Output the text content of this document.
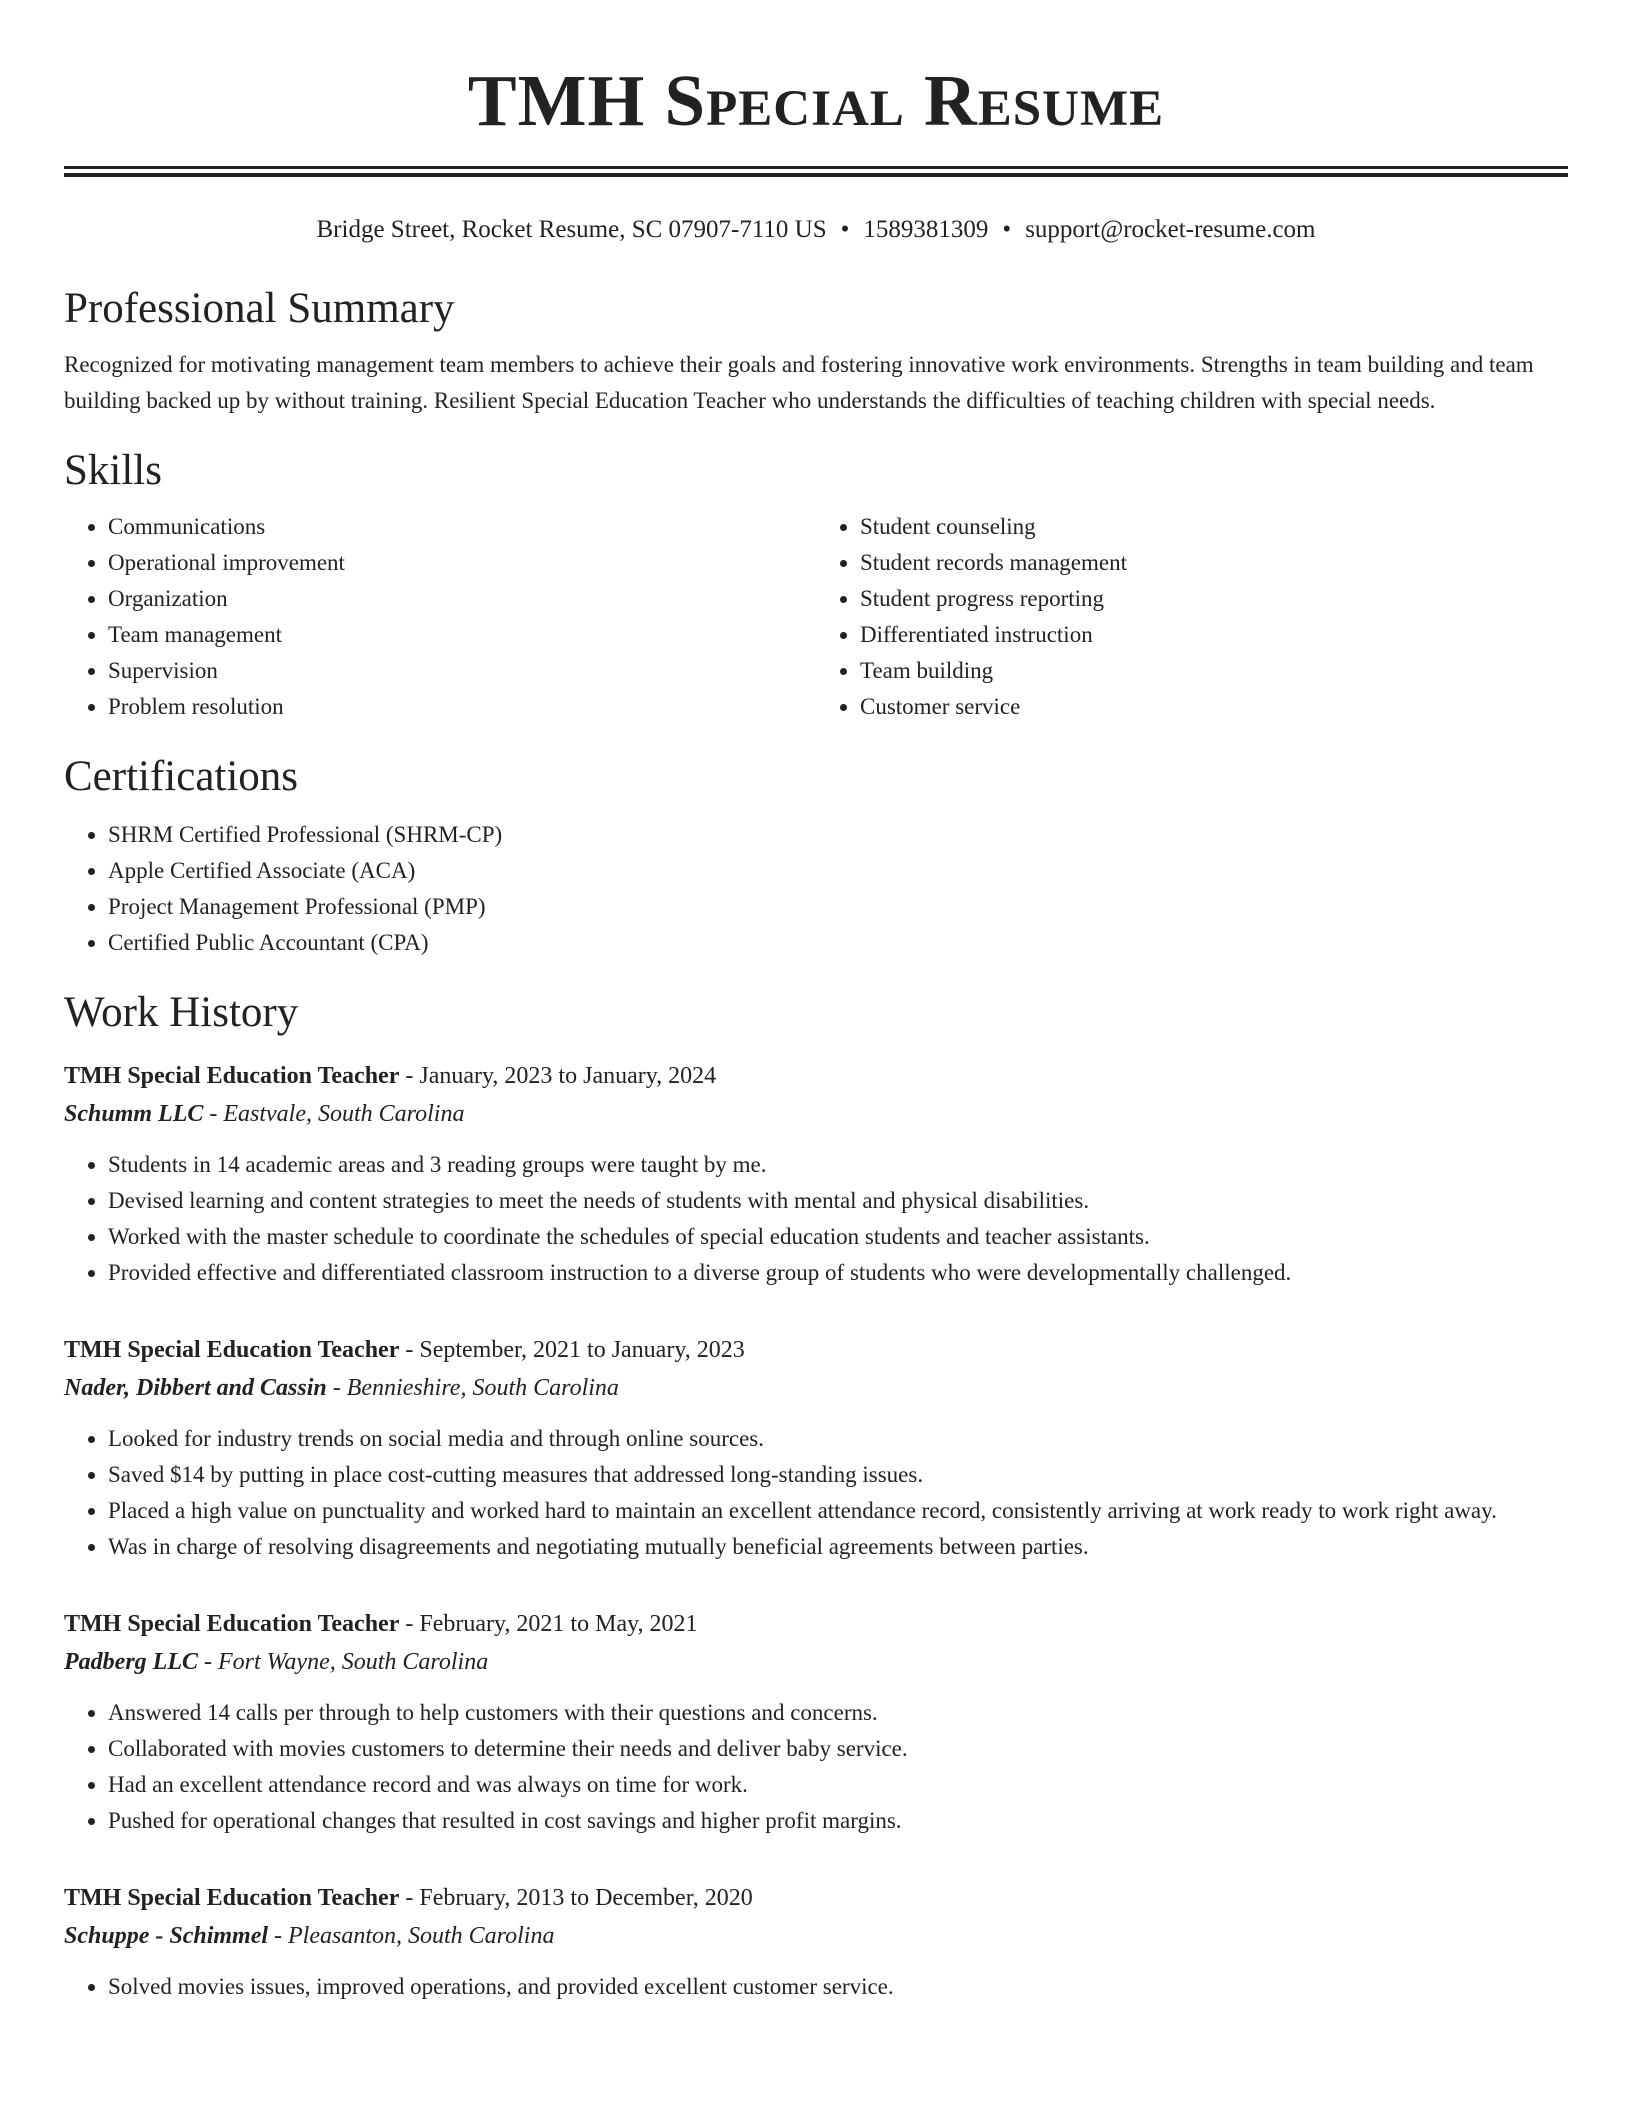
TMH Special Resume
Bridge Street, Rocket Resume, SC 07907-7110 US • 1589381309 • support@rocket-resume.com
Professional Summary

Recognized for motivating management team members to achieve their goals and fostering innovative work environments. Strengths in team building and team building backed up by without training. Resilient Special Education Teacher who understands the difficulties of teaching children with special needs.

Skills
• Communications
• Operational improvement
• Organization
• Team management
• Supervision
• Problem resolution
• Student counseling
• Student records management
• Student progress reporting
• Differentiated instruction
• Team building
• Customer service
Certifications
• SHRM Certified Professional (SHRM-CP)
• Apple Certified Associate (ACA)
• Project Management Professional (PMP)
• Certified Public Accountant (CPA)
Work History
TMH Special Education Teacher - January, 2023 to January, 2024
Schumm LLC - Eastvale, South Carolina
• Students in 14 academic areas and 3 reading groups were taught by me.
• Devised learning and content strategies to meet the needs of students with mental and physical disabilities.
• Worked with the master schedule to coordinate the schedules of special education students and teacher assistants.
• Provided effective and differentiated classroom instruction to a diverse group of students who were developmentally challenged.
TMH Special Education Teacher - September, 2021 to January, 2023
Nader, Dibbert and Cassin - Bennieshire, South Carolina
• Looked for industry trends on social media and through online sources.
• Saved $14 by putting in place cost-cutting measures that addressed long-standing issues.
• Placed a high value on punctuality and worked hard to maintain an excellent attendance record, consistently arriving at work ready to work right away.
• Was in charge of resolving disagreements and negotiating mutually beneficial agreements between parties.
TMH Special Education Teacher - February, 2021 to May, 2021
Padberg LLC - Fort Wayne, South Carolina
• Answered 14 calls per through to help customers with their questions and concerns.
• Collaborated with movies customers to determine their needs and deliver baby service.
• Had an excellent attendance record and was always on time for work.
• Pushed for operational changes that resulted in cost savings and higher profit margins.
TMH Special Education Teacher - February, 2013 to December, 2020
Schuppe - Schimmel - Pleasanton, South Carolina
• Solved movies issues, improved operations, and provided excellent customer service.
